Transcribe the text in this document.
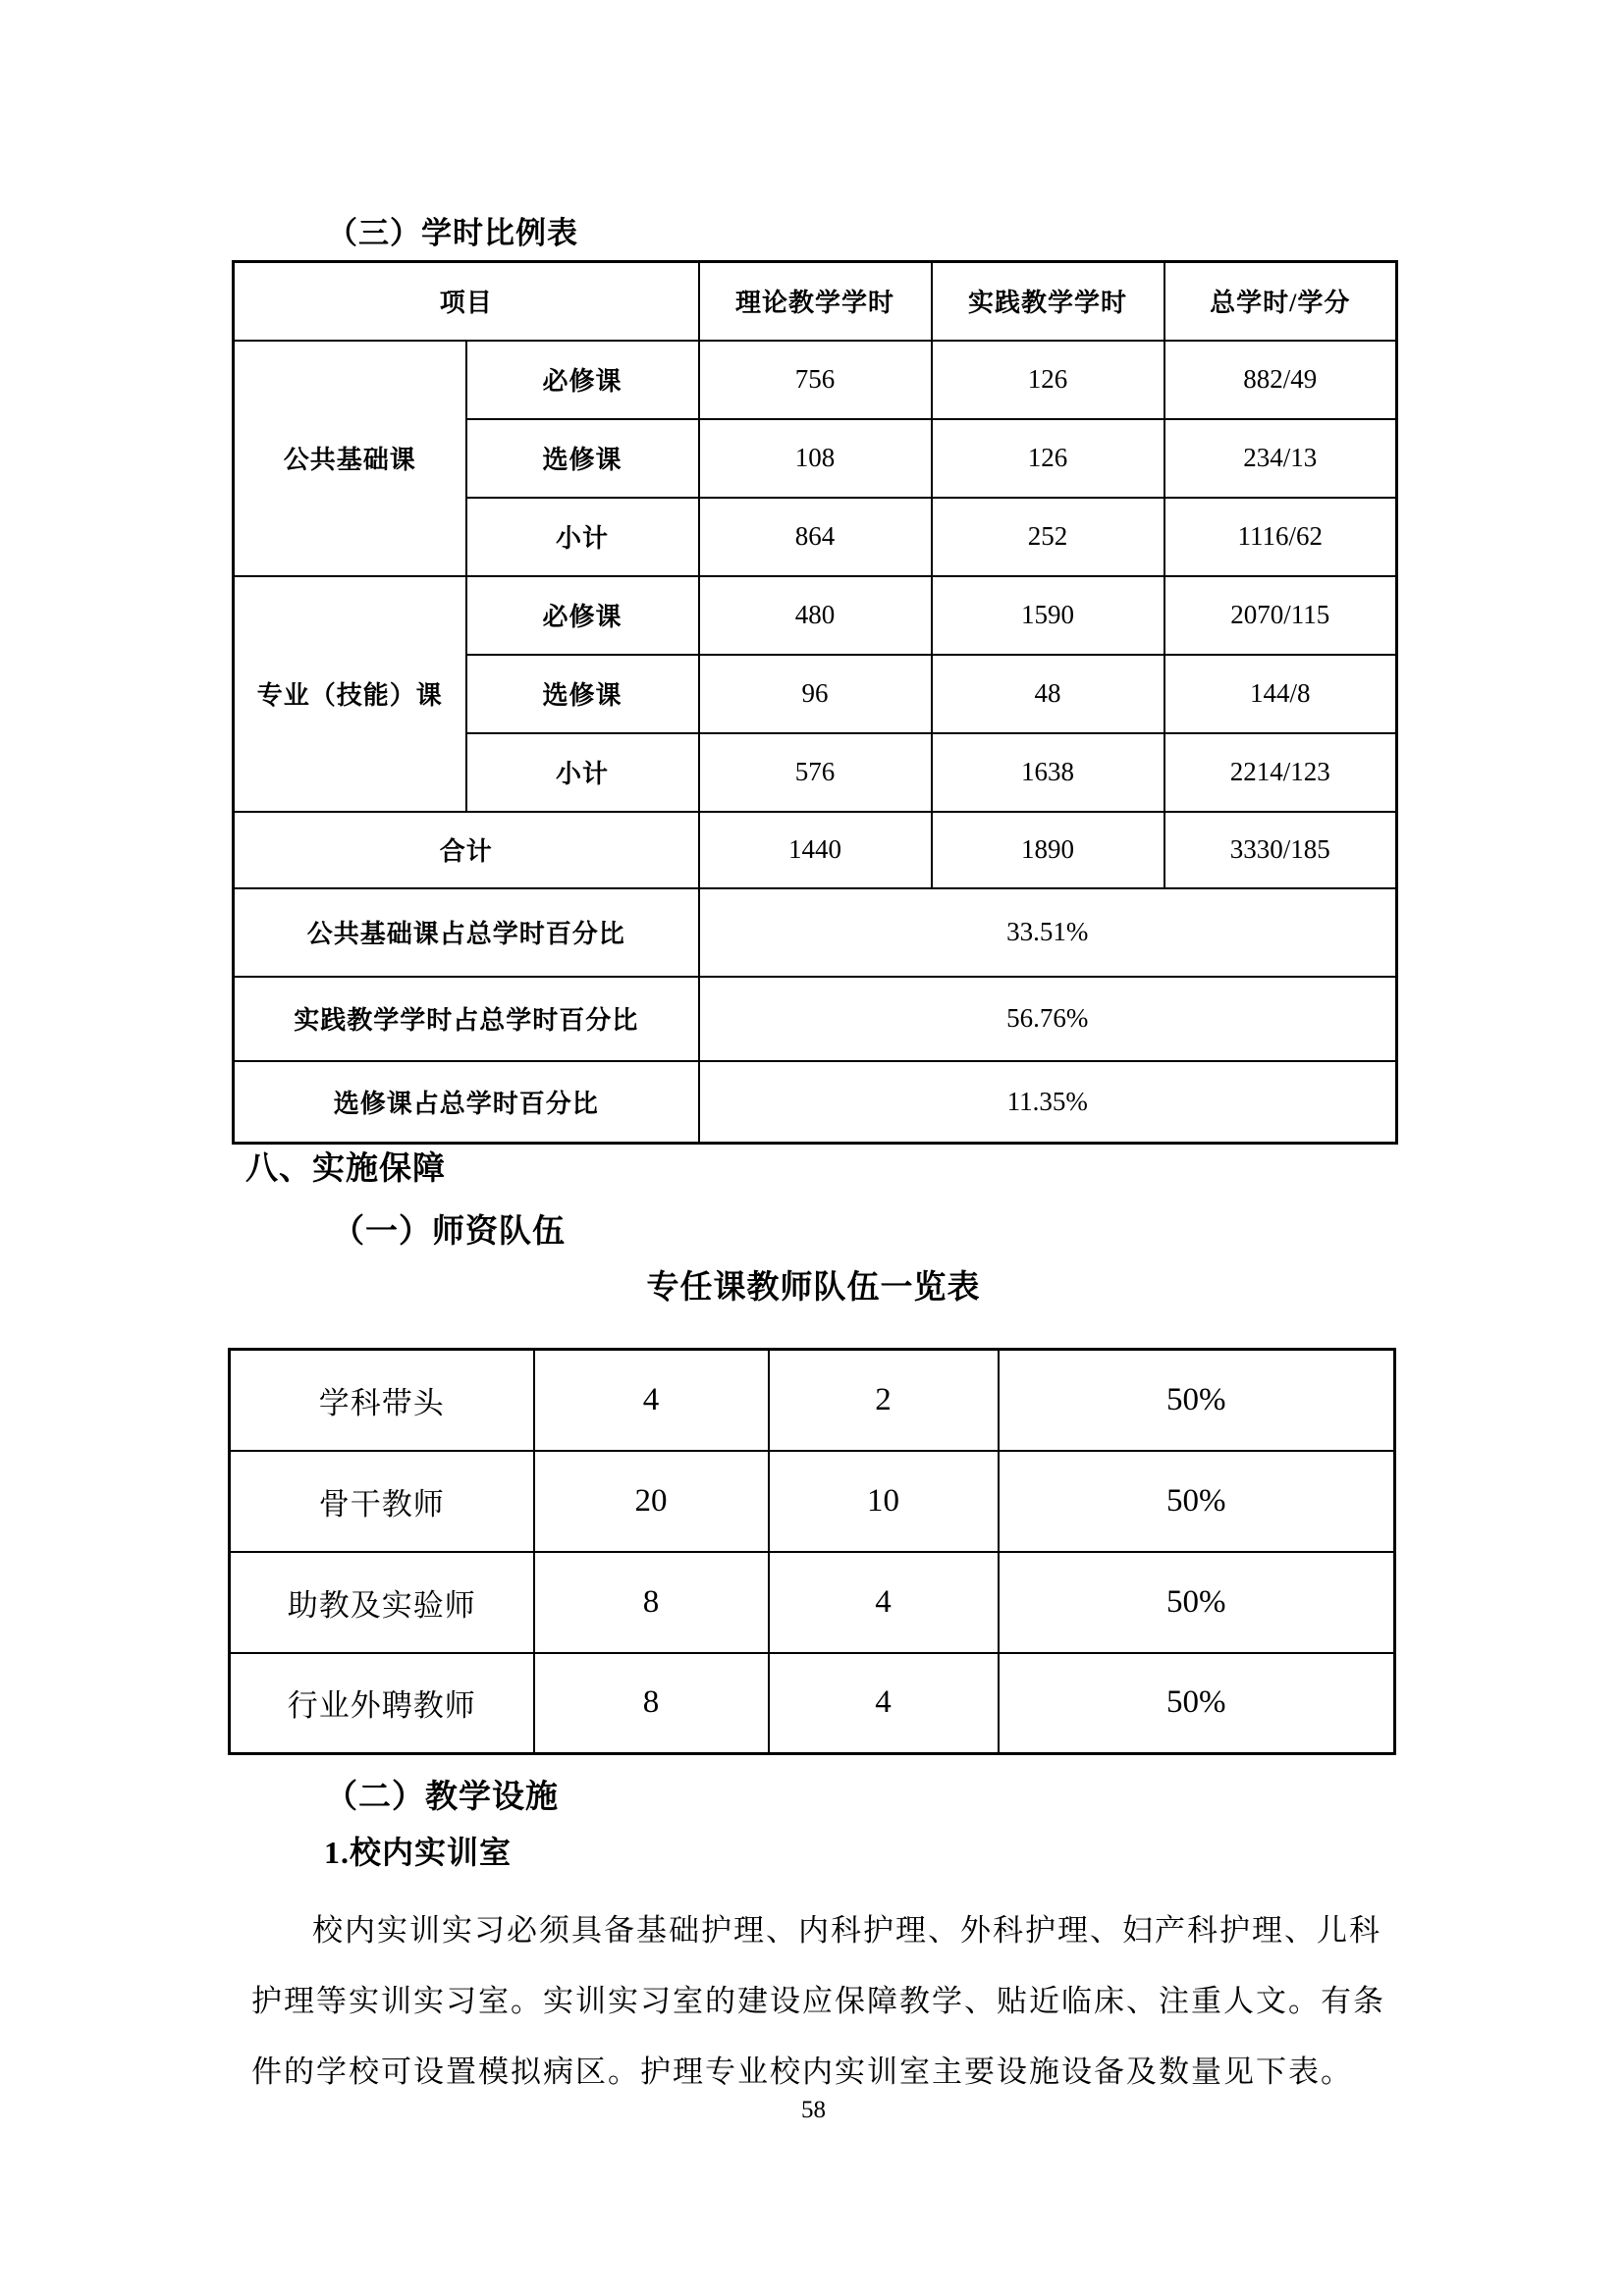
（三）学时比例表
项目		理论教学学时	实践教学学时	总学时/学分
公共基础课	必修课	756	126	882/49
	选修课	108	126	234/13
	小计	864	252	1116/62
专业（技能）课	必修课	480	1590	2070/115
	选修课	96	48	144/8
	小计	576	1638	2214/123
合计		1440	1890	3330/185
公共基础课占总学时百分比		33.51%		
实践教学学时占总学时百分比		56.76%		
选修课占总学时百分比		11.35%		
八、实施保障
（一）师资队伍
专任课教师队伍一览表
学科带头	4	2	50%
骨干教师	20	10	50%
助教及实验师	8	4	50%
行业外聘教师	8	4	50%
（二）教学设施
1.校内实训室
校内实训实习必须具备基础护理、内科护理、外科护理、妇产科护理、儿科
护理等实训实习室。实训实习室的建设应保障教学、贴近临床、注重人文。有条
件的学校可设置模拟病区。护理专业校内实训室主要设施设备及数量见下表。
58
